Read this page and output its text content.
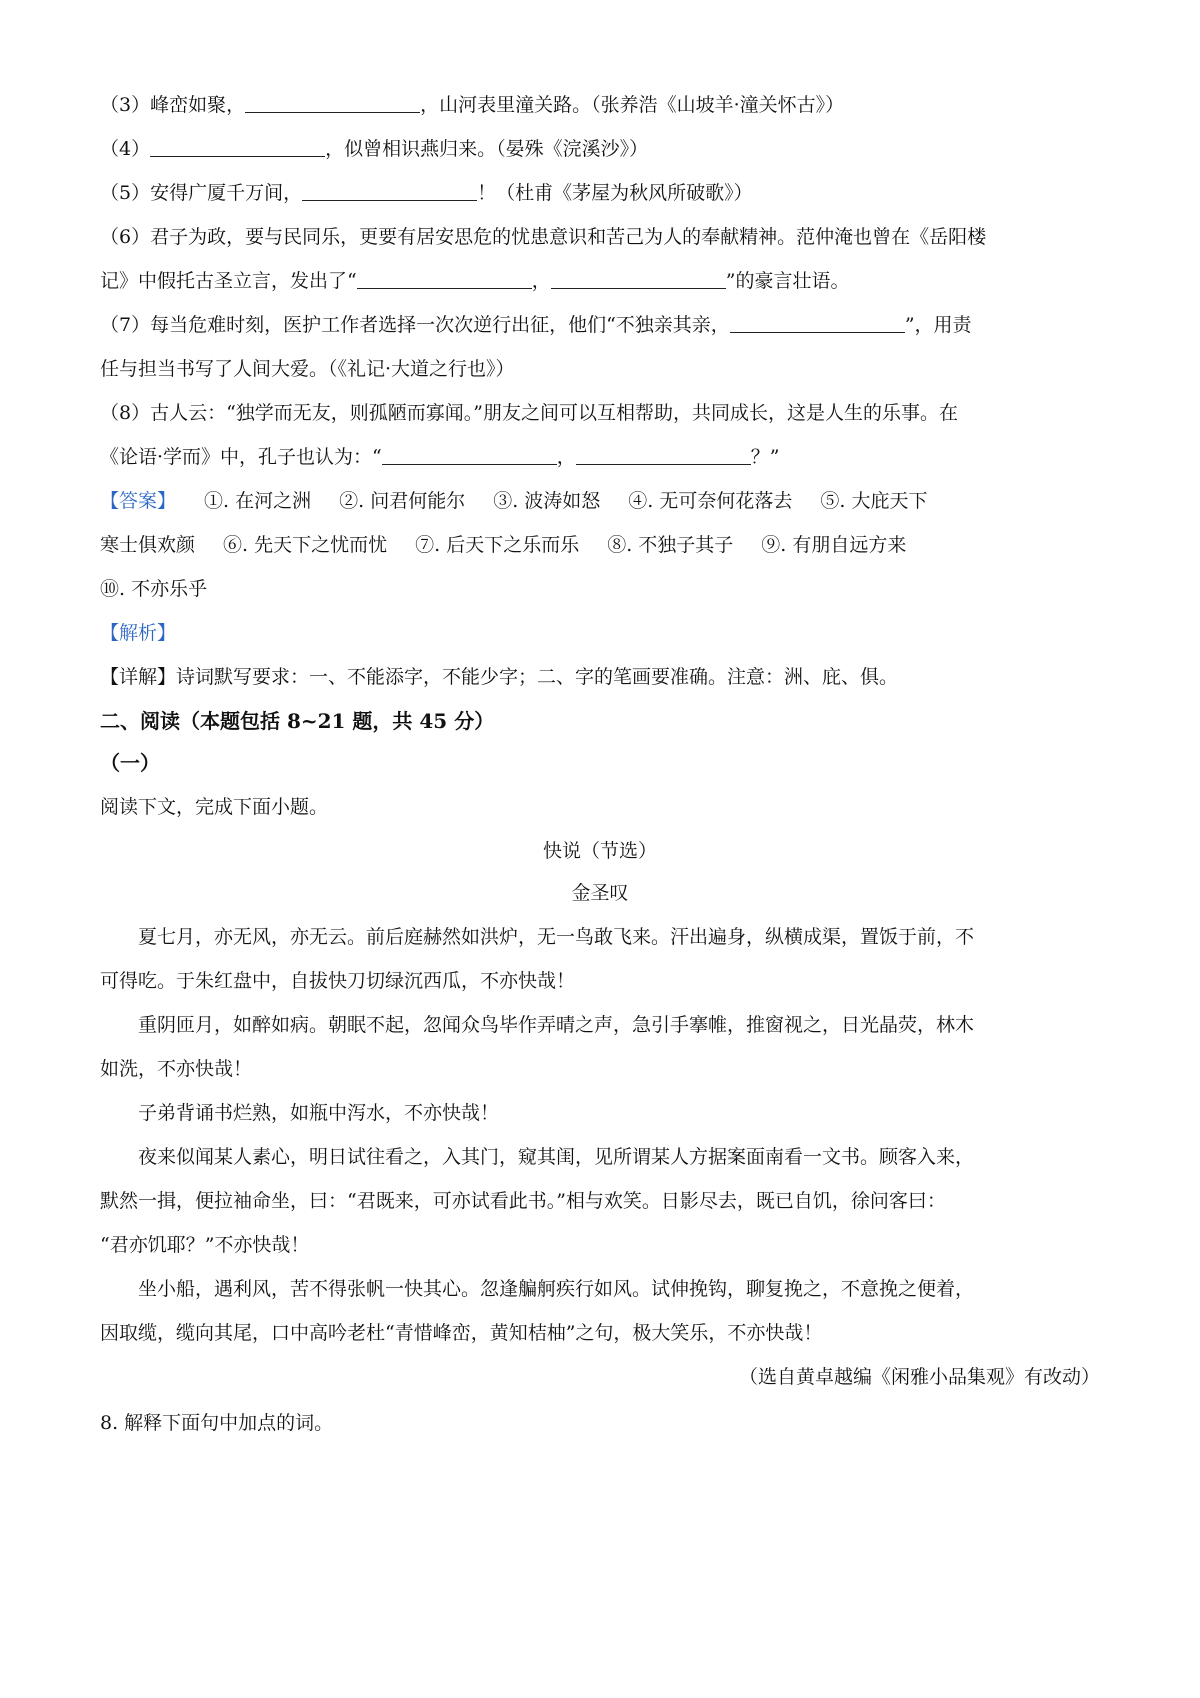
（3）峰峦如聚，	，山河表里潼关路。（张养浩《山坡羊·潼关怀古》）
（4）	，似曾相识燕归来。（晏殊《浣溪沙》）
（5）安得广厦千万间，	！（杜甫《茅屋为秋风所破歌》）
（6）君子为政，要与民同乐，更要有居安思危的忧患意识和苦己为人的奉献精神。范仲淹也曾在《岳阳楼
记》中假托古圣立言，发出了“	，	”的豪言壮语。
（7）每当危难时刻，医护工作者选择一次次逆行出征，他们“不独亲其亲，	”，用责
任与担当书写了人间大爱。（《礼记·大道之行也》）
（8）古人云：“独学而无友，则孤陋而寡闻。”朋友之间可以互相帮助，共同成长，这是人生的乐事。在
《论语·学而》中，孔子也认为：“	，	？”
【答案】 ①. 在河之洲 ②. 问君何能尔 ③. 波涛如怒 ④. 无可奈何花落去 ⑤. 大庇天下
寒士俱欢颜 ⑥. 先天下之忧而忧 ⑦. 后天下之乐而乐 ⑧. 不独子其子 ⑨. 有朋自远方来
⑩. 不亦乐乎
【解析】
【详解】诗词默写要求：一、不能添字，不能少字；二、字的笔画要准确。注意：洲、庇、俱。
二、阅读（本题包括 8~21 题，共 45 分）
（一）
阅读下文，完成下面小题。
快说（节选）
金圣叹
夏七月，亦无风，亦无云。前后庭赫然如洪炉，无一鸟敢飞来。汗出遍身，纵横成渠，置饭于前，不
可得吃。于朱红盘中，自拔快刀切绿沉西瓜，不亦快哉！
重阴匝月，如醉如病。朝眠不起，忽闻众鸟毕作弄晴之声，急引手搴帷，推窗视之，日光晶荧，林木
如洗，不亦快哉！
子弟背诵书烂熟，如瓶中泻水，不亦快哉！
夜来似闻某人素心，明日试往看之，入其门，窥其闺，见所谓某人方据案面南看一文书。顾客入来，
默然一揖，便拉袖命坐，曰：“君既来，可亦试看此书。”相与欢笑。日影尽去，既已自饥，徐问客曰：
“君亦饥耶？”不亦快哉！
坐小船，遇利风，苦不得张帆一快其心。忽逢艑舸疾行如风。试伸挽钩，聊复挽之，不意挽之便着，
因取缆，缆向其尾，口中高吟老杜“青惜峰峦，黄知桔柚”之句，极大笑乐，不亦快哉！
（选自黄卓越编《闲雅小品集观》有改动）
8. 解释下面句中加点的词。
